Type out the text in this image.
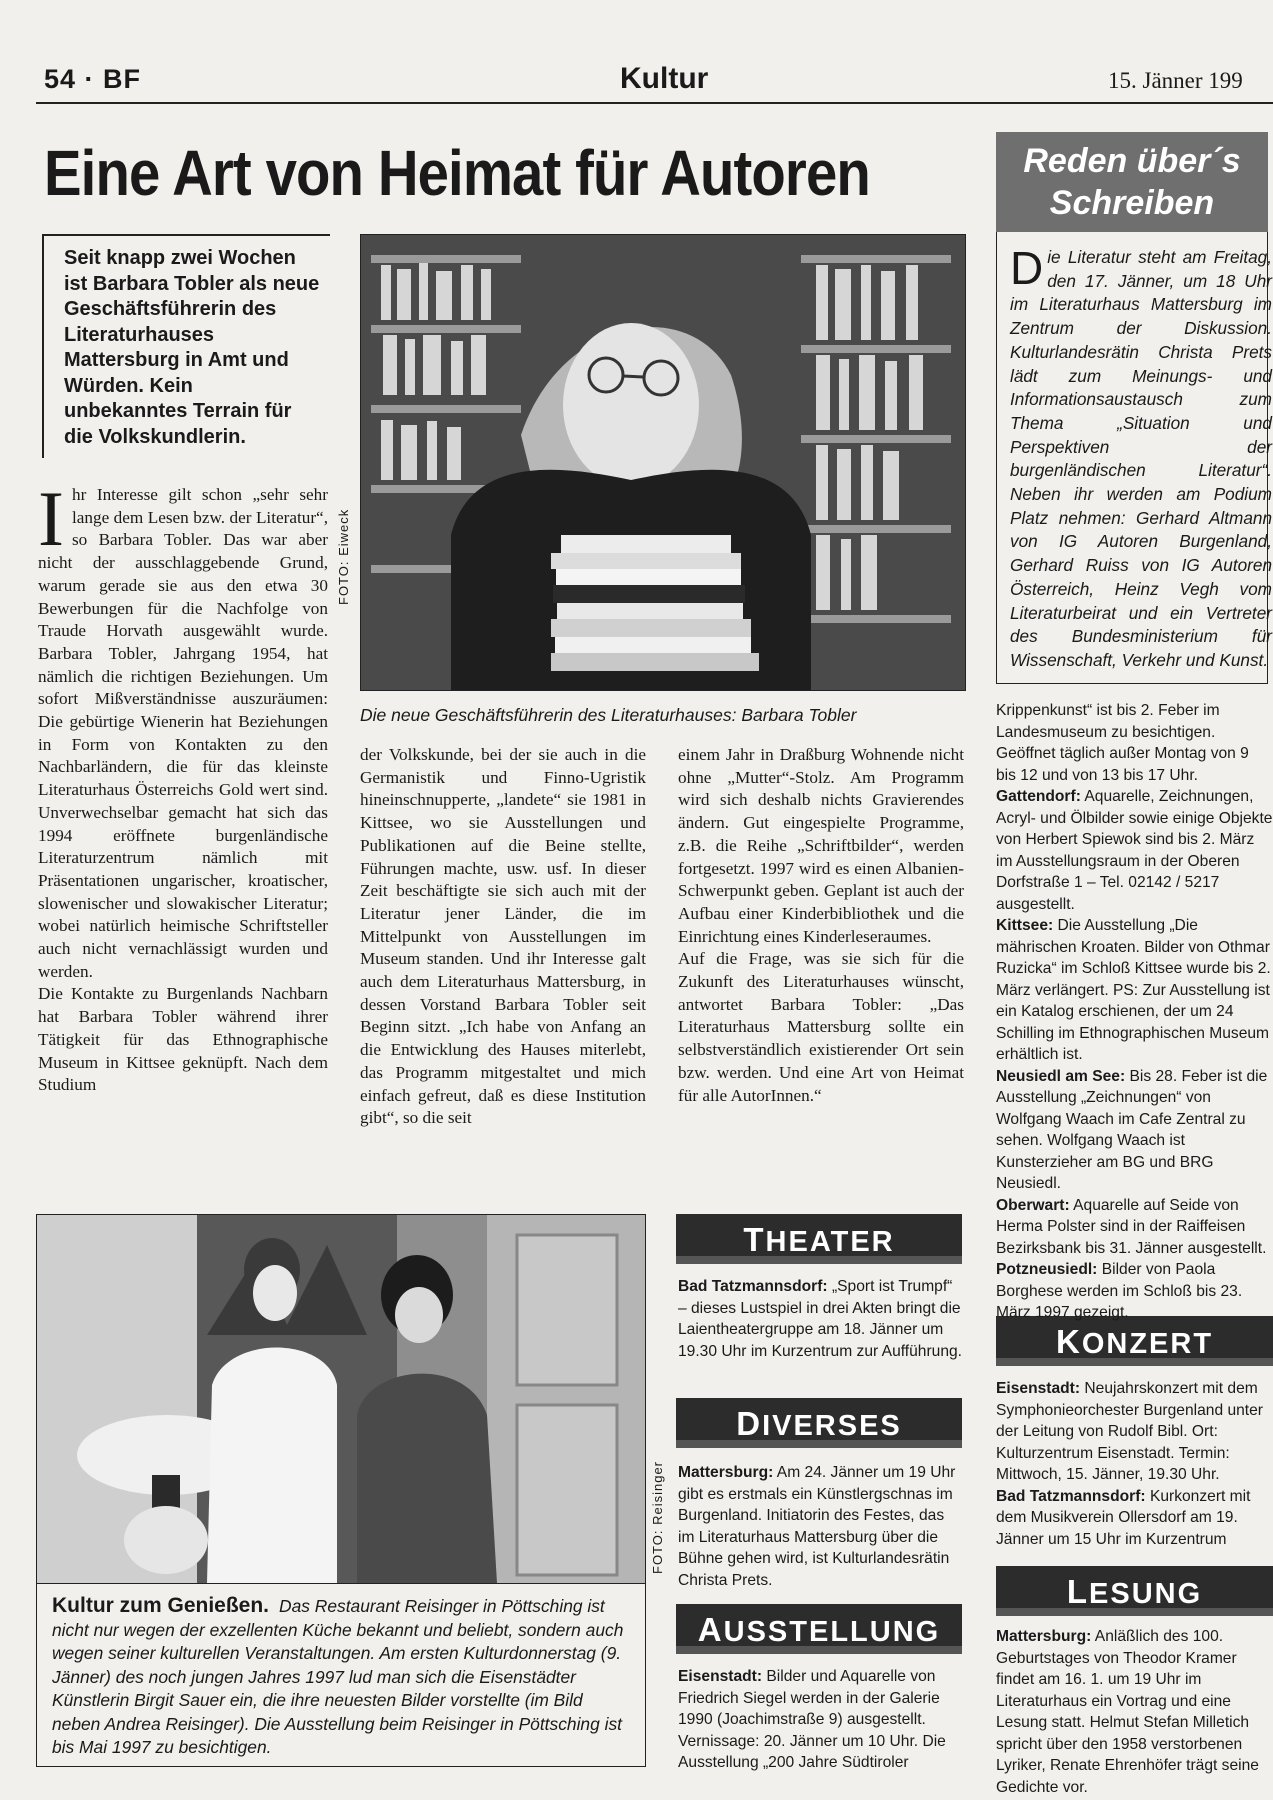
54 · BF	Kultur	15. Jänner 199
Eine Art von Heimat für Autoren
Seit knapp zwei Wochen ist Barbara Tobler als neue Geschäftsführerin des Literaturhauses Mattersburg in Amt und Würden. Kein unbekanntes Terrain für die Volkskundlerin.
FOTO: Eiweck
Die neue Geschäftsführerin des Literaturhauses: Barbara Tobler
I hr Interesse gilt schon „sehr sehr lange dem Lesen bzw. der Literatur“, so Barbara Tobler. Das war aber nicht der ausschlaggebende Grund, warum gerade sie aus den etwa 30 Bewerbungen für die Nachfolge von Traude Horvath ausgewählt wurde. Barbara Tobler, Jahrgang 1954, hat nämlich die richtigen Beziehungen. Um sofort Mißverständnisse auszuräumen: Die gebürtige Wienerin hat Beziehungen in Form von Kontakten zu den Nachbarländern, die für das kleinste Literaturhaus Österreichs Gold wert sind. Unverwechselbar gemacht hat sich das 1994 eröffnete burgenländische Literaturzentrum nämlich mit Präsentationen ungarischer, kroatischer, slowenischer und slowakischer Literatur; wobei natürlich heimische Schriftsteller auch nicht vernachlässigt wurden und werden.
Die Kontakte zu Burgenlands Nachbarn hat Barbara Tobler während ihrer Tätigkeit für das Ethnographische Museum in Kittsee geknüpft. Nach dem Studium
der Volkskunde, bei der sie auch in die Germanistik und Finno-Ugristik hineinschnupperte, „landete“ sie 1981 in Kittsee, wo sie Ausstellungen und Publikationen auf die Beine stellte, Führungen machte, usw. usf. In dieser Zeit beschäftigte sie sich auch mit der Literatur jener Länder, die im Mittelpunkt von Ausstellungen im Museum standen. Und ihr Interesse galt auch dem Literaturhaus Mattersburg, in dessen Vorstand Barbara Tobler seit Beginn sitzt. „Ich habe von Anfang an die Entwicklung des Hauses miterlebt, das Programm mitgestaltet und mich einfach gefreut, daß es diese Institution gibt“, so die seit
einem Jahr in Draßburg Wohnende nicht ohne „Mutter“-Stolz. Am Programm wird sich deshalb nichts Gravierendes ändern. Gut eingespielte Programme, z.B. die Reihe „Schriftbilder“, werden fortgesetzt. 1997 wird es einen Albanien-Schwerpunkt geben. Geplant ist auch der Aufbau einer Kinderbibliothek und die Einrichtung eines Kinderleseraumes.
Auf die Frage, was sie sich für die Zukunft des Literaturhauses wünscht, antwortet Barbara Tobler: „Das Literaturhaus Mattersburg sollte ein selbstverständlich existierender Ort sein bzw. werden. Und eine Art von Heimat für alle AutorInnen.“
FOTO: Reisinger
Kultur zum Genießen. Das Restaurant Reisinger in Pöttsching ist nicht nur wegen der exzellenten Küche bekannt und beliebt, sondern auch wegen seiner kulturellen Veranstaltungen. Am ersten Kulturdonnerstag (9. Jänner) des noch jungen Jahres 1997 lud man sich die Eisenstädter Künstlerin Birgit Sauer ein, die ihre neuesten Bilder vorstellte (im Bild neben Andrea Reisinger). Die Ausstellung beim Reisinger in Pöttsching ist bis Mai 1997 zu besichtigen.
Reden über´s
Schreiben
Die Literatur steht am Freitag, den 17. Jänner, um 18 Uhr im Literaturhaus Mattersburg im Zentrum der Diskussion. Kulturlandesrätin Christa Prets lädt zum Meinungs- und Informationsaustausch zum Thema „Situation und Perspektiven der burgenländischen Literatur“. Neben ihr werden am Podium Platz nehmen: Gerhard Altmann von IG Autoren Burgenland, Gerhard Ruiss von IG Autoren Österreich, Heinz Vegh vom Literaturbeirat und ein Vertreter des Bundesministerium für Wissenschaft, Verkehr und Kunst.
THEATER
DIVERSES
AUSSTELLUNG
KONZERT
LESUNG

Bad Tatzmannsdorf: „Sport ist Trumpf“ – dieses Lustspiel in drei Akten bringt die Laientheatergruppe am 18. Jänner um 19.30 Uhr im Kurzentrum zur Aufführung.

Mattersburg: Am 24. Jänner um 19 Uhr gibt es erstmals ein Künstlergschnas im Burgenland. Initiatorin des Festes, das im Literaturhaus Mattersburg über die Bühne gehen wird, ist Kulturlandesrätin Christa Prets.

Eisenstadt: Bilder und Aquarelle von Friedrich Siegel werden in der Galerie 1990 (Joachimstraße 9) ausgestellt. Vernissage: 20. Jänner um 10 Uhr. Die Ausstellung „200 Jahre Südtiroler

Krippenkunst“ ist bis 2. Feber im Landesmuseum zu besichtigen. Geöffnet täglich außer Montag von 9 bis 12 und von 13 bis 17 Uhr.

Gattendorf: Aquarelle, Zeichnungen, Acryl- und Ölbilder sowie einige Objekte von Herbert Spiewok sind bis 2. März im Ausstellungsraum in der Oberen Dorfstraße 1 – Tel. 02142 / 5217 ausgestellt.

Kittsee: Die Ausstellung „Die mährischen Kroaten. Bilder von Othmar Ruzicka“ im Schloß Kittsee wurde bis 2. März verlängert. PS: Zur Ausstellung ist ein Katalog erschienen, der um 24 Schilling im Ethnographischen Museum erhältlich ist.

Neusiedl am See: Bis 28. Feber ist die Ausstellung „Zeichnungen“ von Wolfgang Waach im Cafe Zentral zu sehen. Wolfgang Waach ist Kunsterzieher am BG und BRG Neusiedl.

Oberwart: Aquarelle auf Seide von Herma Polster sind in der Raiffeisen Bezirksbank bis 31. Jänner ausgestellt.

Potzneusiedl: Bilder von Paola Borghese werden im Schloß bis 23. März 1997 gezeigt.

Eisenstadt: Neujahrskonzert mit dem Symphonieorchester Burgenland unter der Leitung von Rudolf Bibl. Ort: Kulturzentrum Eisenstadt. Termin: Mittwoch, 15. Jänner, 19.30 Uhr.

Bad Tatzmannsdorf: Kurkonzert mit dem Musikverein Ollersdorf am 19. Jänner um 15 Uhr im Kurzentrum

Mattersburg: Anläßlich des 100. Geburtstages von Theodor Kramer findet am 16. 1. um 19 Uhr im Literaturhaus ein Vortrag und eine Lesung statt. Helmut Stefan Milletich spricht über den 1958 verstorbenen Lyriker, Renate Ehrenhöfer trägt seine Gedichte vor.
